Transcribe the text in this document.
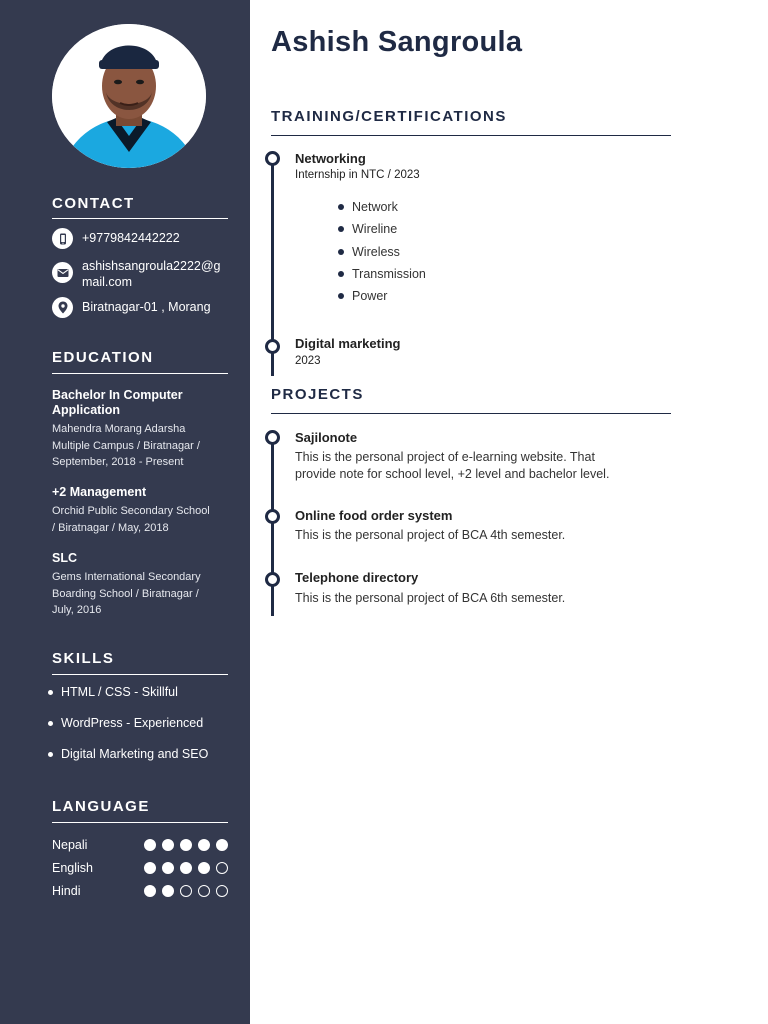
CONTACT
+9779842442222
ashishsangroula2222@g
mail.com
Biratnagar-01 , Morang
EDUCATION
Bachelor In Computer
Application
Mahendra Morang Adarsha
Multiple Campus / Biratnagar /
September, 2018 - Present
+2 Management
Orchid Public Secondary School
/ Biratnagar / May, 2018
SLC
Gems International Secondary
Boarding School / Biratnagar /
July, 2016
SKILLS
HTML / CSS - Skillful
WordPress - Experienced
Digital Marketing and SEO
LANGUAGE
Nepali
English
Hindi
Ashish Sangroula
TRAINING/CERTIFICATIONS
Networking
Internship in NTC / 2023
Network
Wireline
Wireless
Transmission
Power
Digital marketing
2023
PROJECTS
Sajilonote
This is the personal project of e-learning website. That
provide note for school level, +2 level and bachelor level.
Online food order system
This is the personal project of BCA 4th semester.
Telephone directory
This is the personal project of BCA 6th semester.
